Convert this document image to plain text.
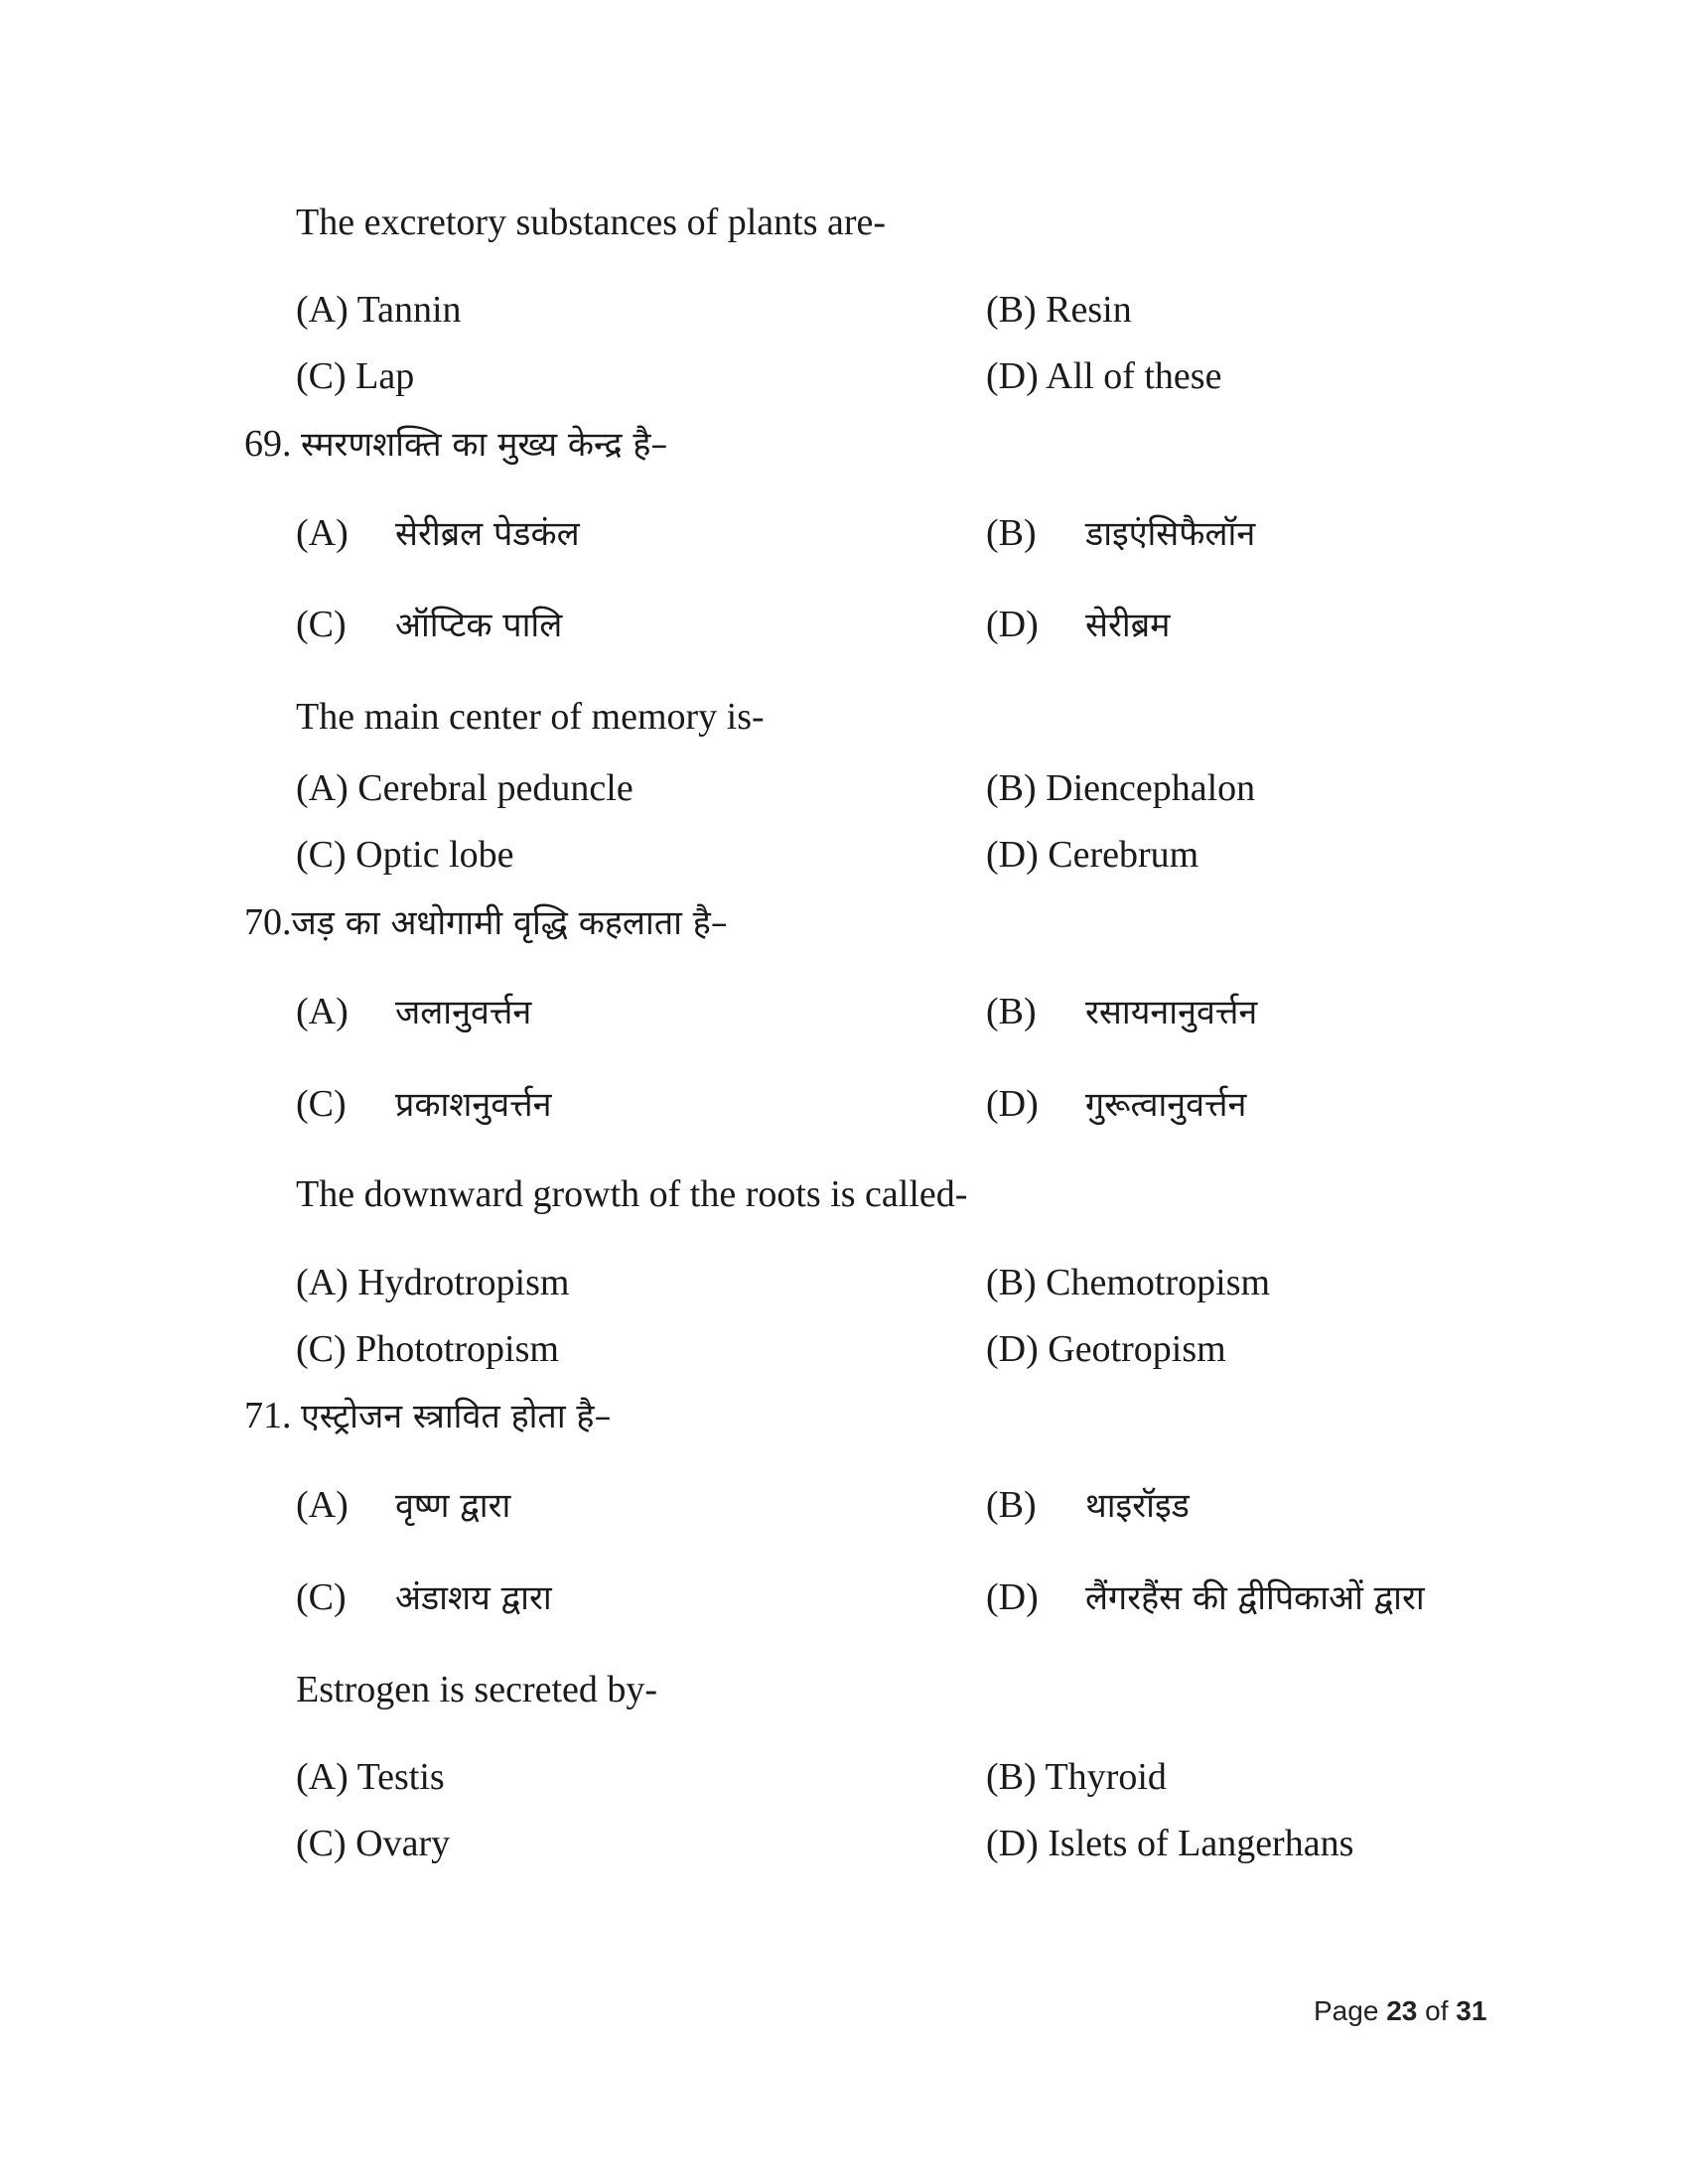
The excretory substances of plants are-
(A) Tannin	(B) Resin
(C) Lap	(D) All of these
69. स्मरणशक्ति का मुख्य केन्द्र है–
(A) सेरीब्रल पेडकंल	(B) डाइएंसिफैलॉन
(C) ऑप्टिक पालि	(D) सेरीब्रम
The main center of memory is-
(A) Cerebral peduncle	(B) Diencephalon
(C) Optic lobe	(D) Cerebrum
70.जड़ का अधोगामी वृद्धि कहलाता है–
(A) जलानुवर्त्तन	(B) रसायनानुवर्त्तन
(C) प्रकाशनुवर्त्तन	(D) गुरूत्वानुवर्त्तन
The downward growth of the roots is called-
(A) Hydrotropism	(B) Chemotropism
(C) Phototropism	(D) Geotropism
71. एस्ट्रोजन स्त्रावित होता है–
(A) वृष्ण द्वारा	(B) थाइरॉइड
(C) अंडाशय द्वारा	(D) लैंगरहैंस की द्वीपिकाओं द्वारा
Estrogen is secreted by-
(A) Testis	(B) Thyroid
(C) Ovary	(D) Islets of Langerhans
Page 23 of 31
